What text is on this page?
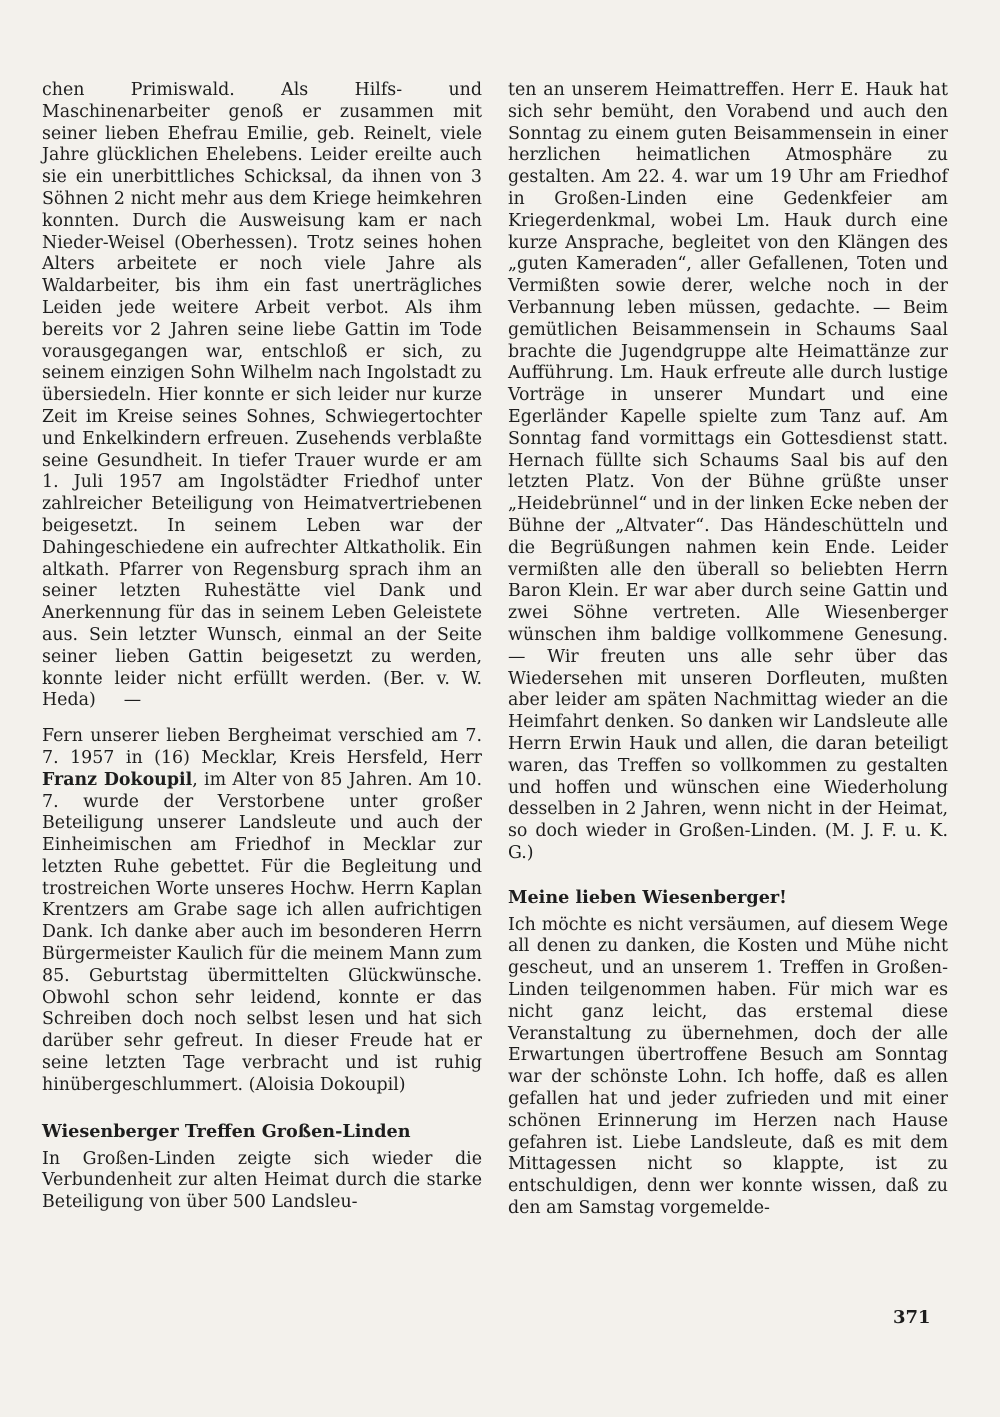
chen Primiswald. Als Hilfs- und Maschinenarbeiter genoß er zusammen mit seiner lieben Ehefrau Emilie, geb. Reinelt, viele Jahre glücklichen Ehelebens. Leider ereilte auch sie ein unerbittliches Schicksal, da ihnen von 3 Söhnen 2 nicht mehr aus dem Kriege heimkehren konnten. Durch die Ausweisung kam er nach Nieder-Weisel (Oberhessen). Trotz seines hohen Alters arbeitete er noch viele Jahre als Waldarbeiter, bis ihm ein fast unerträgliches Leiden jede weitere Arbeit verbot. Als ihm bereits vor 2 Jahren seine liebe Gattin im Tode vorausgegangen war, entschloß er sich, zu seinem einzigen Sohn Wilhelm nach Ingolstadt zu übersiedeln. Hier konnte er sich leider nur kurze Zeit im Kreise seines Sohnes, Schwiegertochter und Enkelkindern erfreuen. Zusehends verblaßte seine Gesundheit. In tiefer Trauer wurde er am 1. Juli 1957 am Ingolstädter Friedhof unter zahlreicher Beteiligung von Heimatvertriebenen beigesetzt. In seinem Leben war der Dahingeschiedene ein aufrechter Altkatholik. Ein altkath. Pfarrer von Regensburg sprach ihm an seiner letzten Ruhestätte viel Dank und Anerkennung für das in seinem Leben Geleistete aus. Sein letzter Wunsch, einmal an der Seite seiner lieben Gattin beigesetzt zu werden, konnte leider nicht erfüllt werden. (Ber. v. W. Heda) —

Fern unserer lieben Bergheimat verschied am 7. 7. 1957 in (16) Mecklar, Kreis Hersfeld, Herr Franz Dokoupil, im Alter von 85 Jahren. Am 10. 7. wurde der Verstorbene unter großer Beteiligung unserer Landsleute und auch der Einheimischen am Friedhof in Mecklar zur letzten Ruhe gebettet. Für die Begleitung und trostreichen Worte unseres Hochw. Herrn Kaplan Krentzers am Grabe sage ich allen aufrichtigen Dank. Ich danke aber auch im besonderen Herrn Bürgermeister Kaulich für die meinem Mann zum 85. Geburtstag übermittelten Glückwünsche. Obwohl schon sehr leidend, konnte er das Schreiben doch noch selbst lesen und hat sich darüber sehr gefreut. In dieser Freude hat er seine letzten Tage verbracht und ist ruhig hinübergeschlummert. (Aloisia Dokoupil)

Wiesenberger Treffen Großen-Linden

In Großen-Linden zeigte sich wieder die Verbundenheit zur alten Heimat durch die starke Beteiligung von über 500 Landsleu-

ten an unserem Heimattreffen. Herr E. Hauk hat sich sehr bemüht, den Vorabend und auch den Sonntag zu einem guten Beisammensein in einer herzlichen heimatlichen Atmosphäre zu gestalten. Am 22. 4. war um 19 Uhr am Friedhof in Großen-Linden eine Gedenkfeier am Kriegerdenkmal, wobei Lm. Hauk durch eine kurze Ansprache, begleitet von den Klängen des „guten Kameraden“, aller Gefallenen, Toten und Vermißten sowie derer, welche noch in der Verbannung leben müssen, gedachte. — Beim gemütlichen Beisammensein in Schaums Saal brachte die Jugendgruppe alte Heimattänze zur Aufführung. Lm. Hauk erfreute alle durch lustige Vorträge in unserer Mundart und eine Egerländer Kapelle spielte zum Tanz auf. Am Sonntag fand vormittags ein Gottesdienst statt. Hernach füllte sich Schaums Saal bis auf den letzten Platz. Von der Bühne grüßte unser „Heidebrünnel“ und in der linken Ecke neben der Bühne der „Altvater“. Das Händeschütteln und die Begrüßungen nahmen kein Ende. Leider vermißten alle den überall so beliebten Herrn Baron Klein. Er war aber durch seine Gattin und zwei Söhne vertreten. Alle Wiesenberger wünschen ihm baldige vollkommene Genesung. — Wir freuten uns alle sehr über das Wiedersehen mit unseren Dorfleuten, mußten aber leider am späten Nachmittag wieder an die Heimfahrt denken. So danken wir Landsleute alle Herrn Erwin Hauk und allen, die daran beteiligt waren, das Treffen so vollkommen zu gestalten und hoffen und wünschen eine Wiederholung desselben in 2 Jahren, wenn nicht in der Heimat, so doch wieder in Großen-Linden. (M. J. F. u. K. G.)

Meine lieben Wiesenberger!

Ich möchte es nicht versäumen, auf diesem Wege all denen zu danken, die Kosten und Mühe nicht gescheut, und an unserem 1. Treffen in Großen-Linden teilgenommen haben. Für mich war es nicht ganz leicht, das erstemal diese Veranstaltung zu übernehmen, doch der alle Erwartungen übertroffene Besuch am Sonntag war der schönste Lohn. Ich hoffe, daß es allen gefallen hat und jeder zufrieden und mit einer schönen Erinnerung im Herzen nach Hause gefahren ist. Liebe Landsleute, daß es mit dem Mittagessen nicht so klappte, ist zu entschuldigen, denn wer konnte wissen, daß zu den am Samstag vorgemelde-

371
